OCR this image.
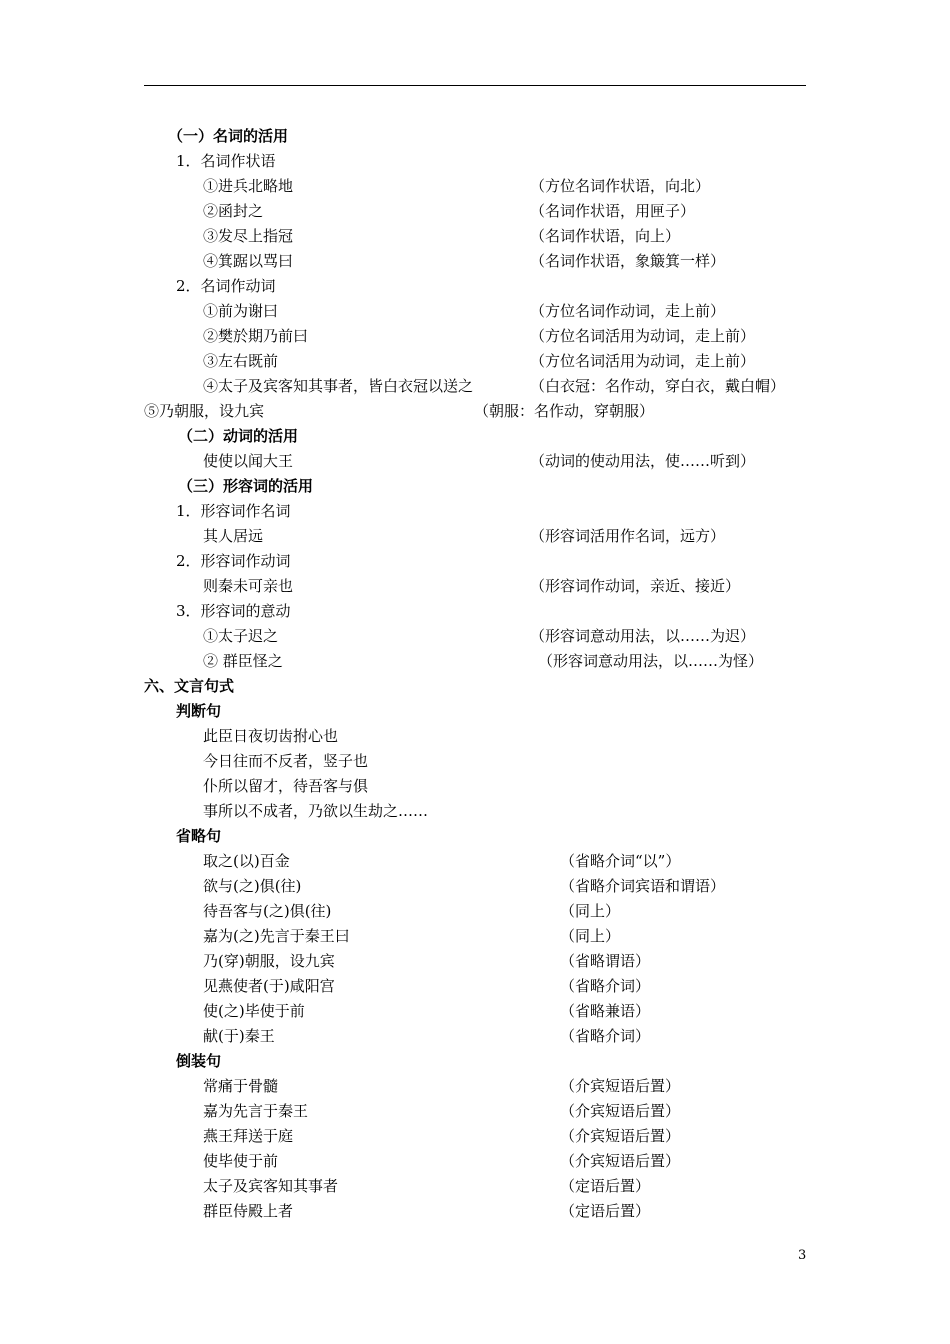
（一）名词的活用
1．名词作状语
①进兵北略地	（方位名词作状语，向北）
②函封之	（名词作状语，用匣子）
③发尽上指冠	（名词作状语，向上）
④箕踞以骂曰	（名词作状语，象簸箕一样）
2．名词作动词
①前为谢曰	（方位名词作动词，走上前）
②樊於期乃前曰	（方位名词活用为动词，走上前）
③左右既前	（方位名词活用为动词，走上前）
④太子及宾客知其事者，皆白衣冠以送之	（白衣冠：名作动，穿白衣，戴白帽）
⑤乃朝服，设九宾	（朝服：名作动，穿朝服）
（二）动词的活用
使使以闻大王	（动词的使动用法，使……听到）
（三）形容词的活用
1．形容词作名词
其人居远	（形容词活用作名词，远方）
2．形容词作动词
则秦未可亲也	（形容词作动词，亲近、接近）
3．形容词的意动
①太子迟之	（形容词意动用法，以……为迟）
② 群臣怪之	（形容词意动用法，以……为怪）
六、文言句式
判断句
此臣日夜切齿拊心也
今日往而不反者，竖子也
仆所以留才，待吾客与俱
事所以不成者，乃欲以生劫之……
省略句
取之(以)百金	（省略介词“以”）
欲与(之)俱(往)	（省略介词宾语和谓语）
待吾客与(之)俱(往)	（同上）
嘉为(之)先言于秦王曰	（同上）
乃(穿)朝服，设九宾	（省略谓语）
见燕使者(于)咸阳宫	（省略介词）
使(之)毕使于前	（省略兼语）
献(于)秦王	（省略介词）
倒装句
常痛于骨髓	（介宾短语后置）
嘉为先言于秦王	（介宾短语后置）
燕王拜送于庭	（介宾短语后置）
使毕使于前	（介宾短语后置）
太子及宾客知其事者	（定语后置）
群臣侍殿上者	（定语后置）
3
